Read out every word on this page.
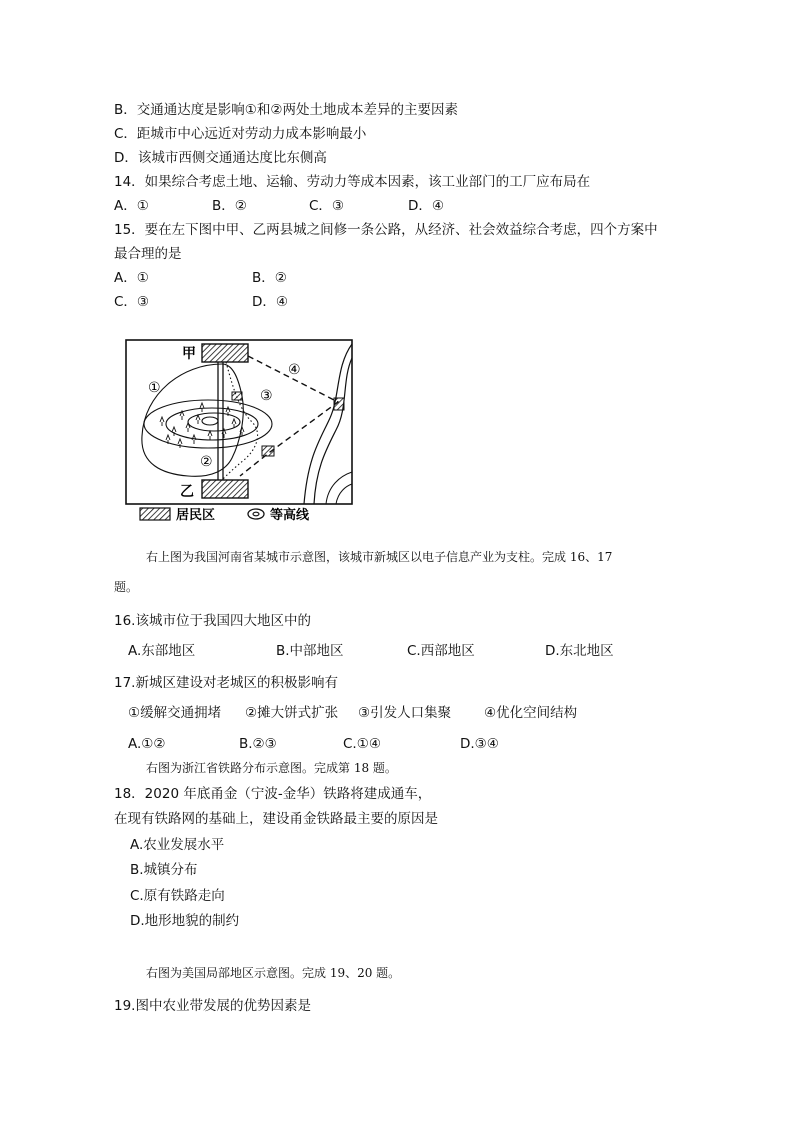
B．交通通达度是影响①和②两处土地成本差异的主要因素
C．距城市中心远近对劳动力成本影响最小
D．该城市西侧交通通达度比东侧高
14．如果综合考虑土地、运输、劳动力等成本因素，该工业部门的工厂应布局在
A．①	B．②	C．③	D．④
15．要在左下图中甲、乙两县城之间修一条公路，从经济、社会效益综合考虑，四个方案中
最合理的是
A．①	B．②
C．③	D．④
甲
乙
①
②
③
④
居民区	等高线
右上图为我国河南省某城市示意图，该城市新城区以电子信息产业为支柱。完成 16、17
题。
16.该城市位于我国四大地区中的
A.东部地区	B.中部地区	C.西部地区	D.东北地区
17.新城区建设对老城区的积极影响有
①缓解交通拥堵 ②摊大饼式扩张 ③引发人口集聚 ④优化空间结构
A.①②	B.②③	C.①④	D.③④
右图为浙江省铁路分布示意图。完成第 18 题。
18．2020 年底甬金（宁波-金华）铁路将建成通车，
在现有铁路网的基础上，建设甬金铁路最主要的原因是
A.农业发展水平
B.城镇分布
C.原有铁路走向
D.地形地貌的制约
右图为美国局部地区示意图。完成 19、20 题。
19.图中农业带发展的优势因素是
